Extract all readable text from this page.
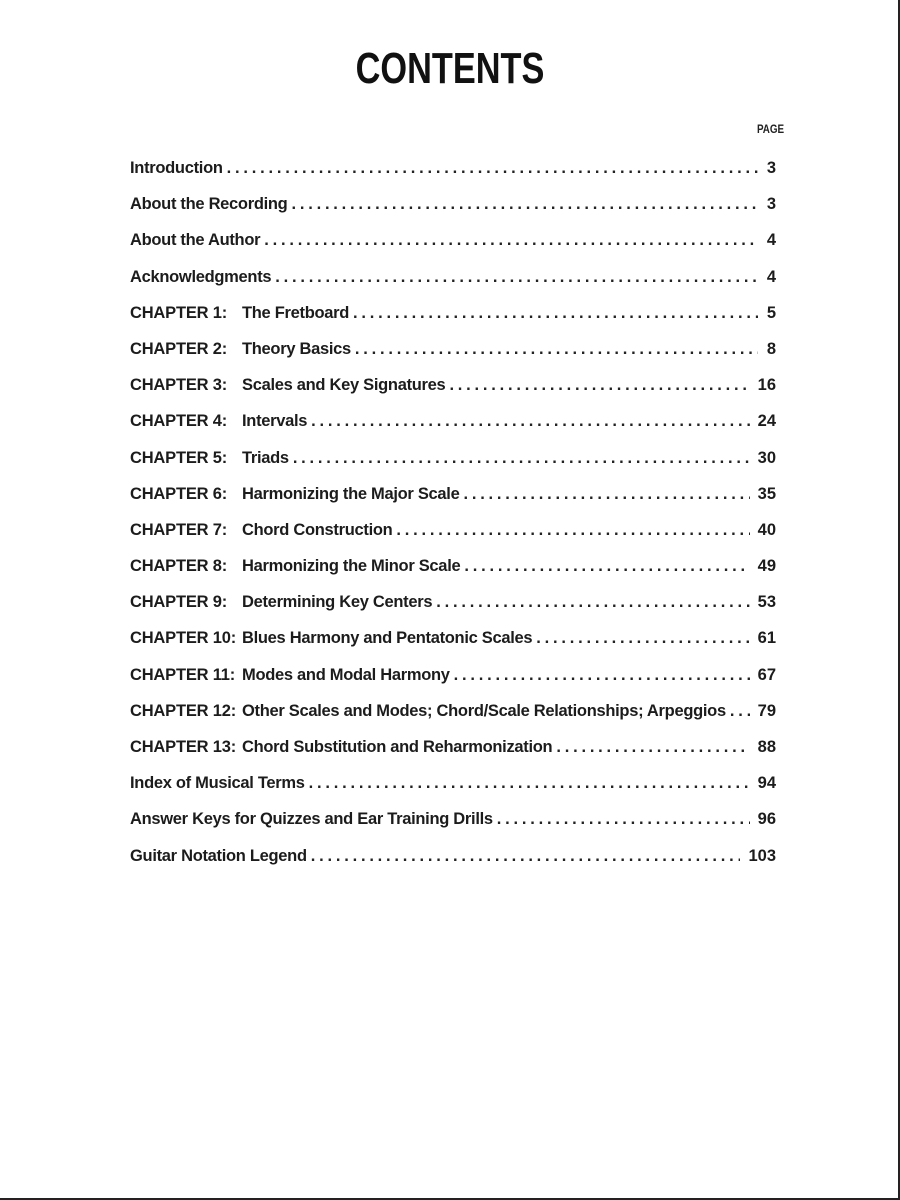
CONTENTS
PAGE
Introduction . . .	3
About the Recording . . .	3
About the Author . . .	4
Acknowledgments . . .	4
CHAPTER 1: The Fretboard . . .	5
CHAPTER 2: Theory Basics . . .	8
CHAPTER 3: Scales and Key Signatures . . .	16
CHAPTER 4: Intervals . . .	24
CHAPTER 5: Triads . . .	30
CHAPTER 6: Harmonizing the Major Scale . . .	35
CHAPTER 7: Chord Construction . . .	40
CHAPTER 8: Harmonizing the Minor Scale . . .	49
CHAPTER 9: Determining Key Centers . . .	53
CHAPTER 10: Blues Harmony and Pentatonic Scales . . .	61
CHAPTER 11: Modes and Modal Harmony . . .	67
CHAPTER 12: Other Scales and Modes; Chord/Scale Relationships; Arpeggios . . . 79
CHAPTER 13: Chord Substitution and Reharmonization . . .	88
Index of Musical Terms . . .	94
Answer Keys for Quizzes and Ear Training Drills . . .	96
Guitar Notation Legend . . .	103
